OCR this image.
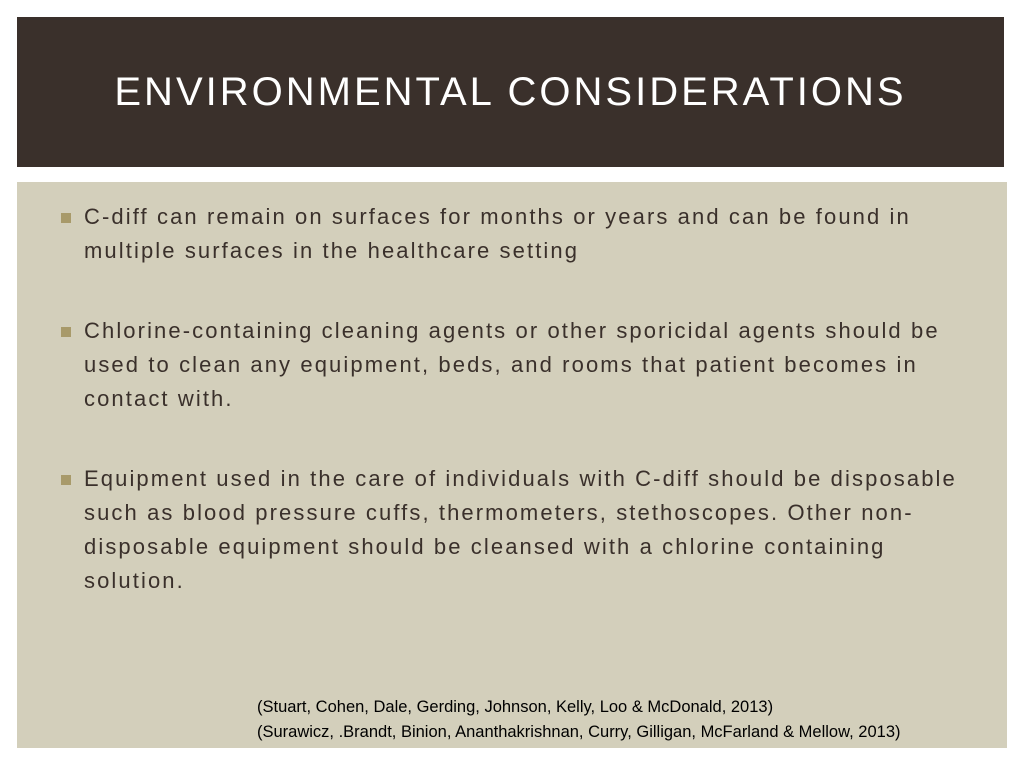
ENVIRONMENTAL CONSIDERATIONS
C-diff can remain on surfaces for months or years and can be found in multiple surfaces in the healthcare setting
Chlorine-containing cleaning agents or other sporicidal agents should be used to clean any equipment, beds, and rooms that patient becomes in contact with.
Equipment used in the care of individuals with C-diff should be disposable such as blood pressure cuffs, thermometers, stethoscopes. Other non-disposable equipment should be cleansed with a chlorine containing solution.
(Stuart, Cohen, Dale, Gerding, Johnson, Kelly, Loo & McDonald, 2013)
(Surawicz, .Brandt, Binion, Ananthakrishnan, Curry, Gilligan, McFarland & Mellow, 2013)
